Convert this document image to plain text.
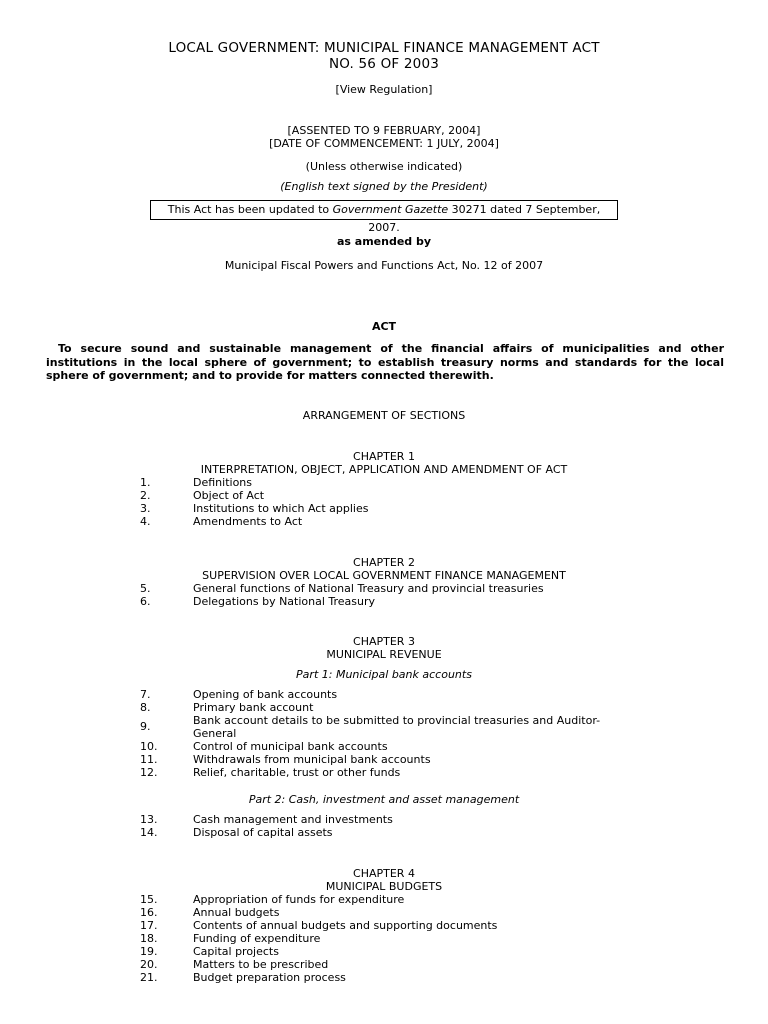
LOCAL GOVERNMENT: MUNICIPAL FINANCE MANAGEMENT ACT
NO. 56 OF 2003
[View Regulation]
[ASSENTED TO 9 FEBRUARY, 2004]
[DATE OF COMMENCEMENT: 1 JULY, 2004]
(Unless otherwise indicated)
(English text signed by the President)
This Act has been updated to Government Gazette 30271 dated 7 September, 2007.
as amended by
Municipal Fiscal Powers and Functions Act, No. 12 of 2007
ACT
To secure sound and sustainable management of the financial affairs of municipalities and other institutions in the local sphere of government; to establish treasury norms and standards for the local sphere of government; and to provide for matters connected therewith.
ARRANGEMENT OF SECTIONS
CHAPTER 1
INTERPRETATION, OBJECT, APPLICATION AND AMENDMENT OF ACT
1.	Definitions
2.	Object of Act
3.	Institutions to which Act applies
4.	Amendments to Act
CHAPTER 2
SUPERVISION OVER LOCAL GOVERNMENT FINANCE MANAGEMENT
5.	General functions of National Treasury and provincial treasuries
6.	Delegations by National Treasury
CHAPTER 3
MUNICIPAL REVENUE
Part 1: Municipal bank accounts
7.	Opening of bank accounts
8.	Primary bank account
9.	Bank account details to be submitted to provincial treasuries and Auditor-General
10.	Control of municipal bank accounts
11.	Withdrawals from municipal bank accounts
12.	Relief, charitable, trust or other funds
Part 2: Cash, investment and asset management
13.	Cash management and investments
14.	Disposal of capital assets
CHAPTER 4
MUNICIPAL BUDGETS
15.	Appropriation of funds for expenditure
16.	Annual budgets
17.	Contents of annual budgets and supporting documents
18.	Funding of expenditure
19.	Capital projects
20.	Matters to be prescribed
21.	Budget preparation process
